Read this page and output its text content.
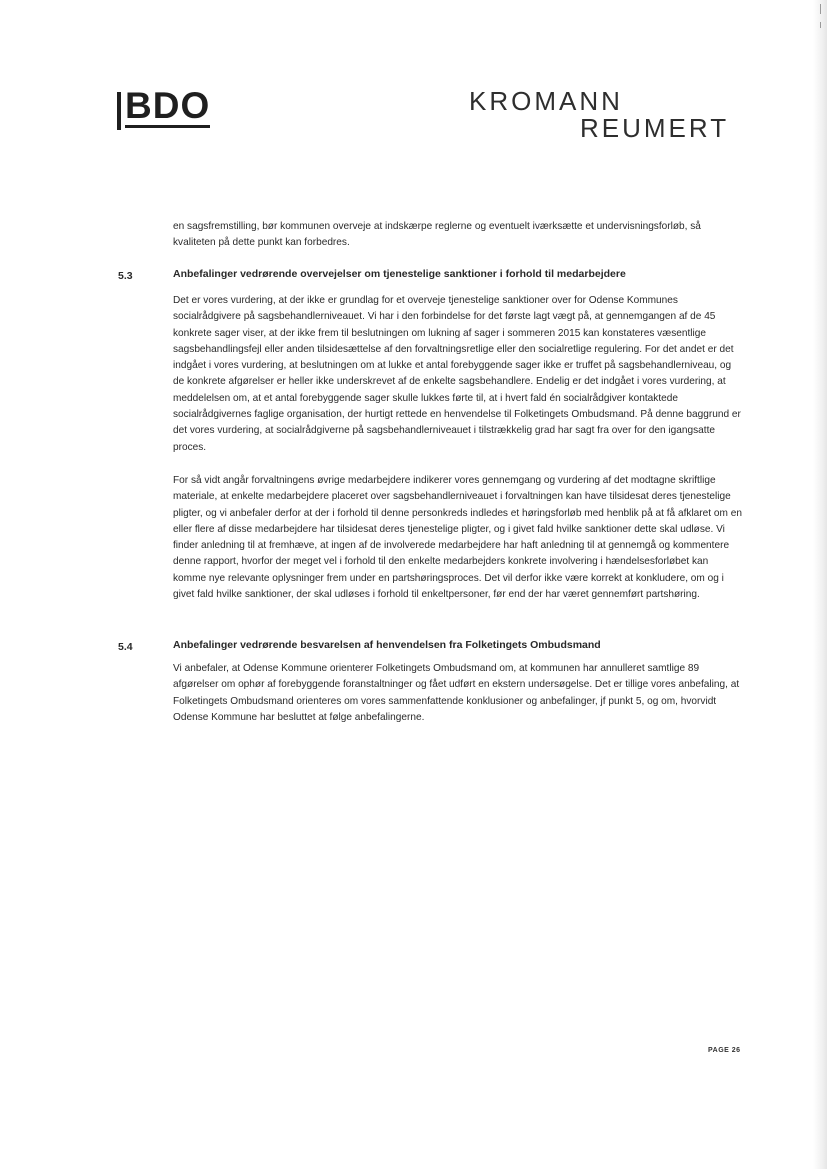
BDO	KROMANN
REUMERT

en sagsfremstilling, bør kommunen overveje at indskærpe reglerne og eventuelt iværksætte et undervisningsforløb, så kvaliteten på dette punkt kan forbedres.

5.3	Anbefalinger vedrørende overvejelser om tjenestelige sanktioner i forhold til medarbejdere

Det er vores vurdering, at der ikke er grundlag for et overveje tjenestelige sanktioner over for Odense Kommunes socialrådgivere på sagsbehandlerniveauet. Vi har i den forbindelse for det første lagt vægt på, at gennemgangen af de 45 konkrete sager viser, at der ikke frem til beslutningen om lukning af sager i sommeren 2015 kan konstateres væsentlige sagsbehandlingsfejl eller anden tilsidesættelse af den forvaltningsretlige eller den socialretlige regulering. For det andet er det indgået i vores vurdering, at beslutningen om at lukke et antal forebyggende sager ikke er truffet på sagsbehandlerniveau, og de konkrete afgørelser er heller ikke underskrevet af de enkelte sagsbehandlere. Endelig er det indgået i vores vurdering, at meddelelsen om, at et antal forebyggende sager skulle lukkes førte til, at i hvert fald én socialrådgiver kontaktede socialrådgivernes faglige organisation, der hurtigt rettede en henvendelse til Folketingets Ombudsmand. På denne baggrund er det vores vurdering, at socialrådgiverne på sagsbehandlerniveauet i tilstrækkelig grad har sagt fra over for den igangsatte proces.

For så vidt angår forvaltningens øvrige medarbejdere indikerer vores gennemgang og vurdering af det modtagne skriftlige materiale, at enkelte medarbejdere placeret over sagsbehandlerniveauet i forvaltningen kan have tilsidesat deres tjenestelige pligter, og vi anbefaler derfor at der i forhold til denne personkreds indledes et høringsforløb med henblik på at få afklaret om en eller flere af disse medarbejdere har tilsidesat deres tjenestelige pligter, og i givet fald hvilke sanktioner dette skal udløse. Vi finder anledning til at fremhæve, at ingen af de involverede medarbejdere har haft anledning til at gennemgå og kommentere denne rapport, hvorfor der meget vel i forhold til den enkelte medarbejders konkrete involvering i hændelsesforløbet kan komme nye relevante oplysninger frem under en partshøringsproces. Det vil derfor ikke være korrekt at konkludere, om og i givet fald hvilke sanktioner, der skal udløses i forhold til enkeltpersoner, før end der har været gennemført partshøring.

5.4	Anbefalinger vedrørende besvarelsen af henvendelsen fra Folketingets Ombudsmand

Vi anbefaler, at Odense Kommune orienterer Folketingets Ombudsmand om, at kommunen har annulleret samtlige 89 afgørelser om ophør af forebyggende foranstaltninger og fået udført en ekstern undersøgelse. Det er tillige vores anbefaling, at Folketingets Ombudsmand orienteres om vores sammenfattende konklusioner og anbefalinger, jf punkt 5, og om, hvorvidt Odense Kommune har besluttet at følge anbefalingerne.

PAGE 26
